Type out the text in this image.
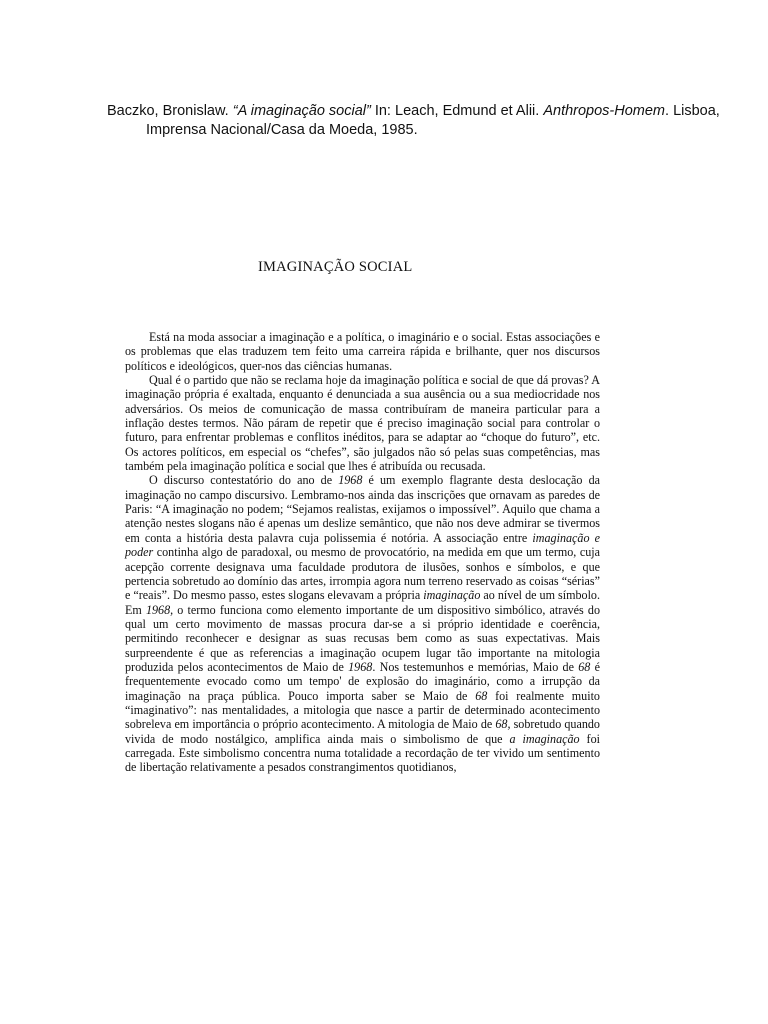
Baczko, Bronislaw. “A imaginação social” In: Leach, Edmund et Alii. Anthropos-Homem. Lisboa,
Imprensa Nacional/Casa da Moeda, 1985.
IMAGINAÇÃO SOCIAL

Está na moda associar a imaginação e a política, o imaginário e o social. Estas associações e os problemas que elas traduzem tem feito uma carreira rápida e brilhante, quer nos discursos políticos e ideológicos, quer-nos das ciências humanas.

Qual é o partido que não se reclama hoje da imaginação política e social de que dá provas? A imaginação própria é exaltada, enquanto é denunciada a sua ausência ou a sua mediocridade nos adversários. Os meios de comunicação de massa contribuíram de maneira particular para a inflação destes termos. Não páram de repetir que é preciso imaginação social para controlar o futuro, para enfrentar problemas e conflitos inéditos, para se adaptar ao “choque do futuro”, etc. Os actores políticos, em especial os “chefes”, são julgados não só pelas suas competências, mas também pela imaginação política e social que lhes é atribuída ou recusada.

O discurso contestatório do ano de 1968 é um exemplo flagrante desta deslocação da imaginação no campo discursivo. Lembramo-nos ainda das inscrições que ornavam as paredes de Paris: “A imaginação no podem; “Sejamos realistas, exijamos o impossível”. Aquilo que chama a atenção nestes slogans não é apenas um deslize semântico, que não nos deve admirar se tivermos em conta a história desta palavra cuja polissemia é notória. A associação entre imaginação e poder continha algo de paradoxal, ou mesmo de provocatório, na medida em que um termo, cuja acepção corrente designava uma faculdade produtora de ilusões, sonhos e símbolos, e que pertencia sobretudo ao domínio das artes, irrompia agora num terreno reservado as coisas “sérias” e “reais”. Do mesmo passo, estes slogans elevavam a própria imaginação ao nível de um símbolo. Em 1968, o termo funciona como elemento importante de um dispositivo simbólico, através do qual um certo movimento de massas procura dar-se a si próprio identidade e coerência, permitindo reconhecer e designar as suas recusas bem como as suas expectativas. Mais surpreendente é que as referencias a imaginação ocupem lugar tão importante na mitologia produzida pelos acontecimentos de Maio de 1968. Nos testemunhos e memórias, Maio de 68 é frequentemente evocado como um tempo' de explosão do imaginário, como a irrupção da imaginação na praça pública. Pouco importa saber se Maio de 68 foi realmente muito “imaginativo”: nas mentalidades, a mitologia que nasce a partir de determinado acontecimento sobreleva em importância o próprio acontecimento. A mitologia de Maio de 68, sobretudo quando vivida de modo nostálgico, amplifica ainda mais o simbolismo de que a imaginação foi carregada. Este simbolismo concentra numa totalidade a recordação de ter vivido um sentimento de libertação relativamente a pesados constrangimentos quotidianos,
